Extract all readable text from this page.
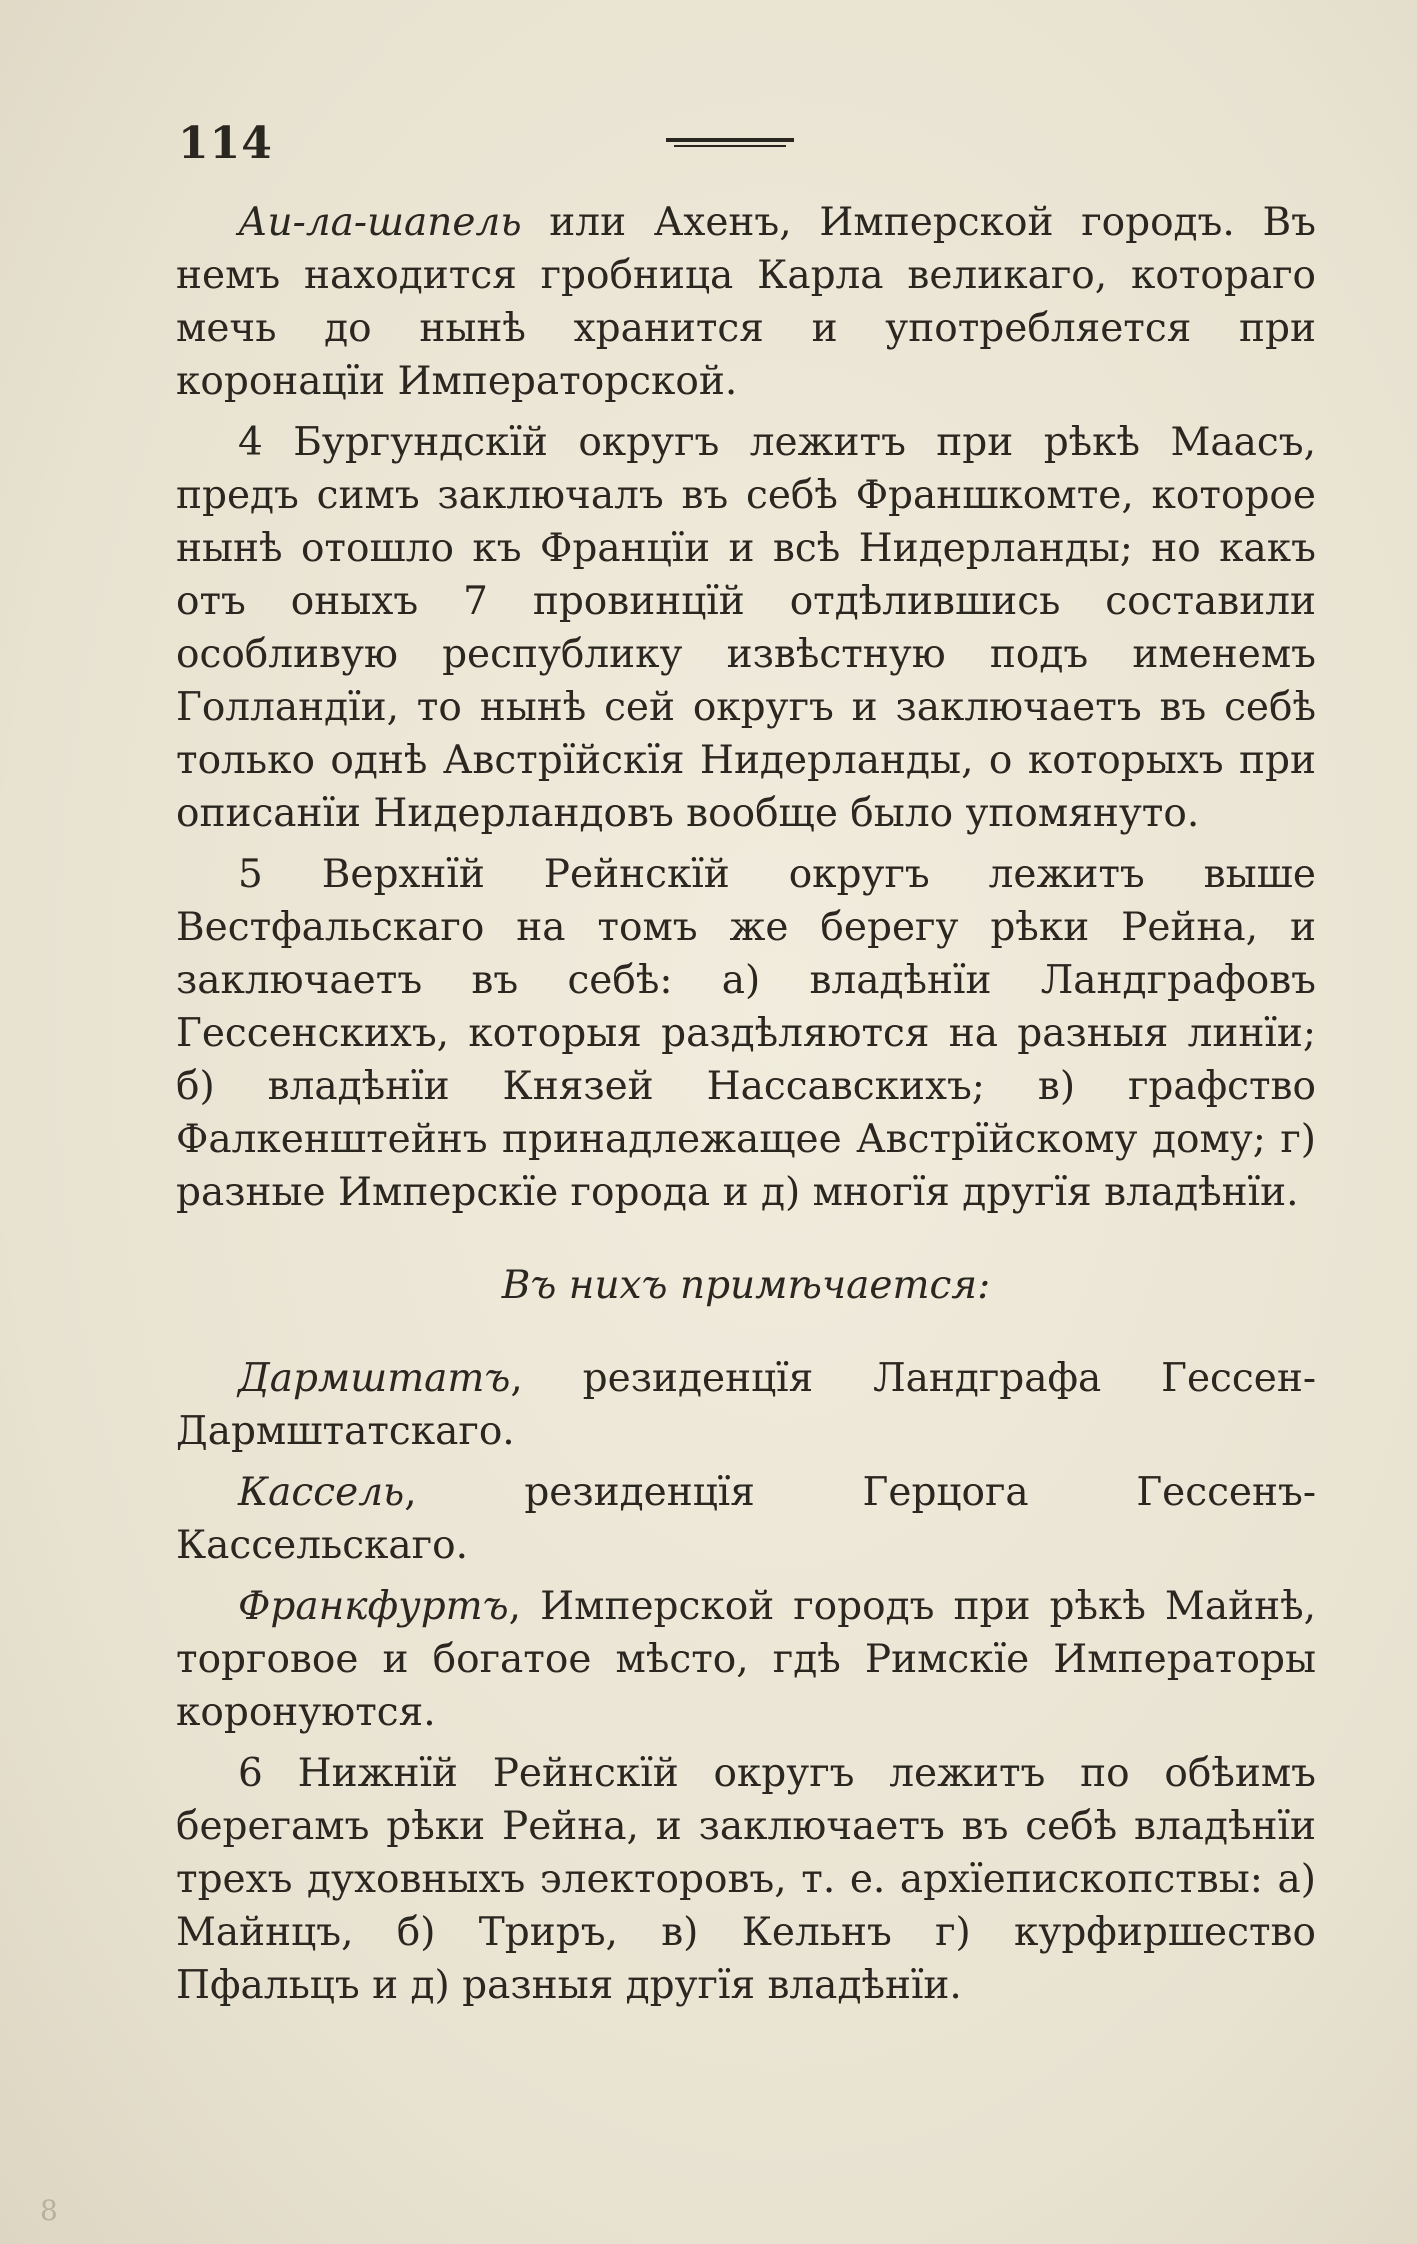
114

Аи-ла-шапель или Ахенъ, Имперской городъ. Въ немъ находится гробница Карла великаго, котораго мечь до нынѣ хранится и употребляется при коронацїи Императорской.

4 Бургундскїй округъ лежитъ при рѣкѣ Маасъ, предъ симъ заключалъ въ себѣ Франшкомте, которое нынѣ отошло къ Францїи и всѣ Нидерланды; но какъ отъ оныхъ 7 провинцїй отдѣлившись составили особливую республику извѣстную подъ именемъ Голландїи, то нынѣ сей округъ и заключаетъ въ себѣ только однѣ Австрїйскїя Нидерланды, о которыхъ при описанїи Нидерландовъ вообще было упомянуто.

5 Верхнїй Рейнскїй округъ лежитъ выше Вестфальскаго на томъ же берегу рѣки Рейна, и заключаетъ въ себѣ: а) владѣнїи Ландграфовъ Гессенскихъ, которыя раздѣляются на разныя линїи; б) владѣнїи Князей Нассавскихъ; в) графство Фалкенштейнъ принадлежащее Австрїйскому дому; г) разные Имперскїе города и д) многїя другїя владѣнїи.

Въ нихъ примѣчается:

Дармштатъ, резиденцїя Ландграфа Гессен-Дармштатскаго.

Кассель, резиденцїя Герцога Гессенъ-Кассельскаго.

Франкфуртъ, Имперской городъ при рѣкѣ Майнѣ, торговое и богатое мѣсто, гдѣ Римскїе Императоры коронуются.

6 Нижнїй Рейнскїй округъ лежитъ по обѣимъ берегамъ рѣки Рейна, и заключаетъ въ себѣ владѣнїи трехъ духовныхъ электоровъ, т. е. архїепископствы: а) Майнцъ, б) Триръ, в) Кельнъ г) курфиршество Пфальцъ и д) разныя другїя владѣнїи.

8
